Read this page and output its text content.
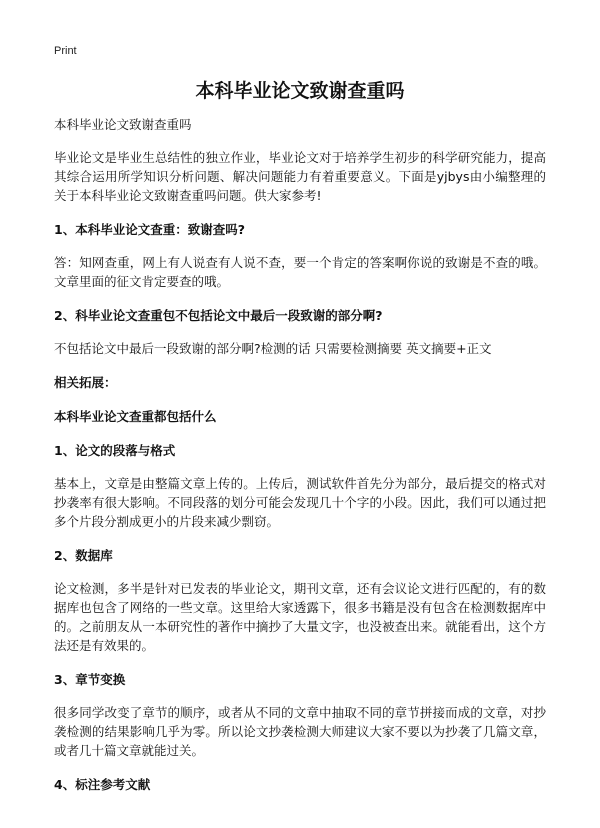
Print

本科毕业论文致谢查重吗

本科毕业论文致谢查重吗

毕业论文是毕业生总结性的独立作业，毕业论文对于培养学生初步的科学研究能力，提高其综合运用所学知识分析问题、解决问题能力有着重要意义。下面是yjbys由小编整理的关于本科毕业论文致谢查重吗问题。供大家参考!

1、本科毕业论文查重：致谢查吗?

答：知网查重，网上有人说查有人说不查，要一个肯定的答案啊你说的致谢是不查的哦。文章里面的征文肯定要查的哦。

2、科毕业论文查重包不包括论文中最后一段致谢的部分啊?

不包括论文中最后一段致谢的部分啊?检测的话 只需要检测摘要 英文摘要+正文

相关拓展：

本科毕业论文查重都包括什么

1、论文的段落与格式

基本上，文章是由整篇文章上传的。上传后，测试软件首先分为部分，最后提交的格式对抄袭率有很大影响。不同段落的划分可能会发现几十个字的小段。因此，我们可以通过把多个片段分割成更小的片段来减少剽窃。

2、数据库

论文检测，多半是针对已发表的毕业论文，期刊文章，还有会议论文进行匹配的，有的数据库也包含了网络的一些文章。这里给大家透露下，很多书籍是没有包含在检测数据库中的。之前朋友从一本研究性的著作中摘抄了大量文字，也没被查出来。就能看出，这个方法还是有效果的。

3、章节变换

很多同学改变了章节的顺序，或者从不同的文章中抽取不同的章节拼接而成的文章，对抄袭检测的结果影响几乎为零。所以论文抄袭检测大师建议大家不要以为抄袭了几篇文章，或者几十篇文章就能过关。

4、标注参考文献
